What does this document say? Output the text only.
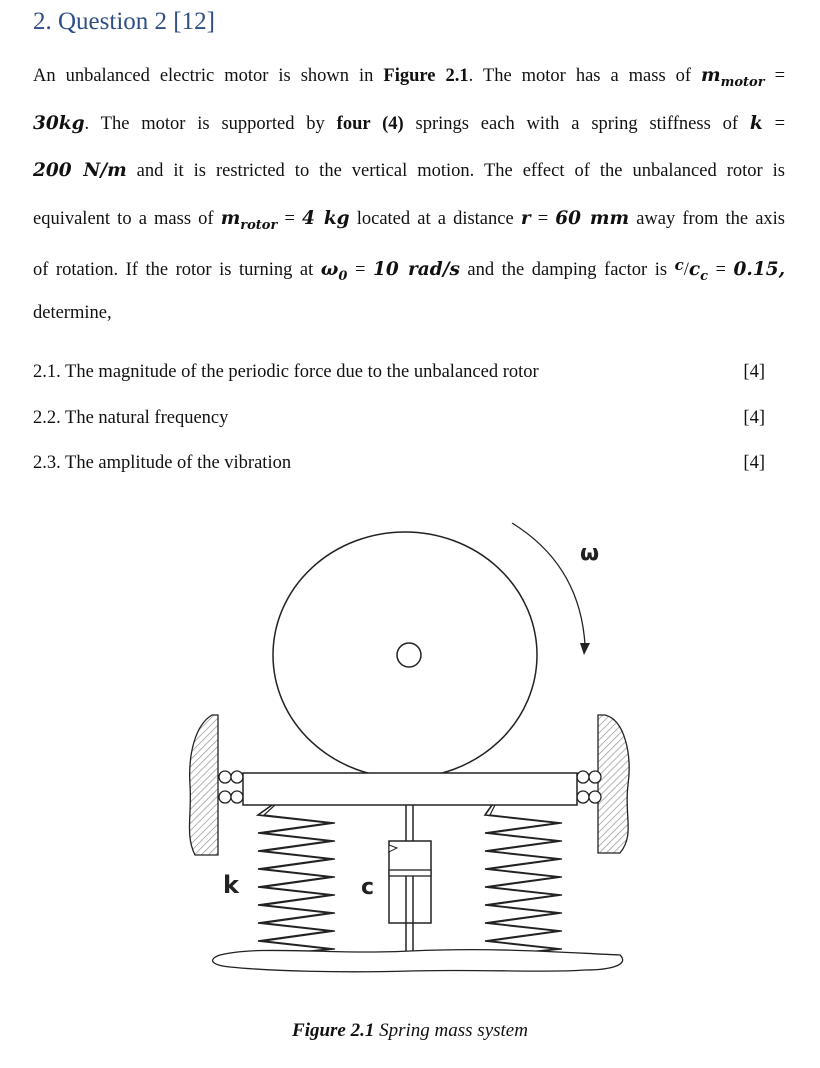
2. Question 2 [12]
An unbalanced electric motor is shown in Figure 2.1. The motor has a mass of $m_{motor}$ =
30kg. The motor is supported by four (4) springs each with a spring stiffness of k =
200 N/m and it is restricted to the vertical motion. The effect of the unbalanced rotor is
equivalent to a mass of $m_{rotor} = 4$ kg located at a distance r = 60 mm away from the axis
of rotation. If the rotor is turning at $\omega_0 = 10$ rad/s and the damping factor is $^c/c_c = 0.15$,
determine,
2.1. The magnitude of the periodic force due to the unbalanced rotor	[4]
2.2. The natural frequency	[4]
2.3. The amplitude of the vibration	[4]
ω
k	c
Figure 2.1 Spring mass system
